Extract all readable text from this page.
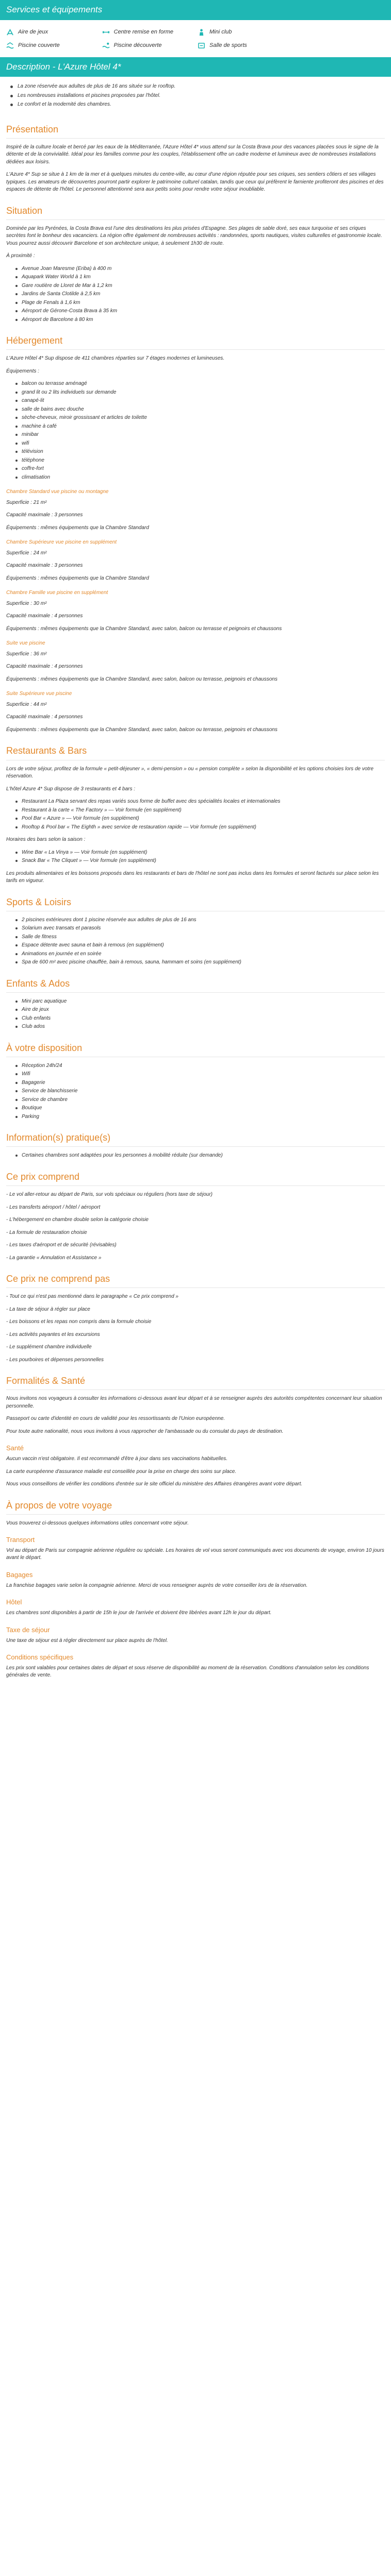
Services et équipements
Aire de jeux	Centre remise en forme	Mini club
Piscine couverte	Piscine découverte	Salle de sports
Description - L'Azure Hôtel 4*
La zone réservée aux adultes de plus de 16 ans située sur le rooftop.
Les nombreuses installations et piscines proposées par l'hôtel.
Le confort et la modernité des chambres.
Présentation

Inspiré de la culture locale et bercé par les eaux de la Méditerranée, l'Azure Hôtel 4* vous attend sur la Costa Brava pour des vacances placées sous le signe de la détente et de la convivialité. Idéal pour les familles comme pour les couples, l'établissement offre un cadre moderne et lumineux avec de nombreuses installations dédiées aux loisirs.

L'Azure 4* Sup se situe à 1 km de la mer et à quelques minutes du centre-ville, au cœur d'une région réputée pour ses criques, ses sentiers côtiers et ses villages typiques. Les amateurs de découvertes pourront partir explorer le patrimoine culturel catalan, tandis que ceux qui préfèrent le farniente profiteront des piscines et des espaces de détente de l'hôtel. Le personnel attentionné sera aux petits soins pour rendre votre séjour inoubliable.

Situation

Dominée par les Pyrénées, la Costa Brava est l'une des destinations les plus prisées d'Espagne. Ses plages de sable doré, ses eaux turquoise et ses criques secrètes font le bonheur des vacanciers. La région offre également de nombreuses activités : randonnées, sports nautiques, visites culturelles et gastronomie locale. Vous pourrez aussi découvrir Barcelone et son architecture unique, à seulement 1h30 de route.

À proximité :

Avenue Joan Maresme (Eriba) à 400 m
Aquapark Water World à 1 km
Gare routière de Lloret de Mar à 1,2 km
Jardins de Santa Clotilde à 2,5 km
Plage de Fenals à 1,6 km
Aéroport de Gérone-Costa Brava à 35 km
Aéroport de Barcelone à 80 km
Hébergement

L'Azure Hôtel 4* Sup dispose de 411 chambres réparties sur 7 étages modernes et lumineuses.

Équipements :

balcon ou terrasse aménagé
grand lit ou 2 lits individuels sur demande
canapé-lit
salle de bains avec douche
sèche-cheveux, miroir grossissant et articles de toilette
machine à café
minibar
wifi
télévision
téléphone
coffre-fort
climatisation
Chambre Standard vue piscine ou montagne
Superficie : 21 m²
Capacité maximale : 3 personnes
Équipements : mêmes équipements que la Chambre Standard
Chambre Supérieure vue piscine en supplément
Superficie : 24 m²
Capacité maximale : 3 personnes
Équipements : mêmes équipements que la Chambre Standard
Chambre Famille vue piscine en supplément
Superficie : 30 m²
Capacité maximale : 4 personnes
Équipements : mêmes équipements que la Chambre Standard, avec salon, balcon ou terrasse et peignoirs et chaussons
Suite vue piscine
Superficie : 36 m²
Capacité maximale : 4 personnes
Équipements : mêmes équipements que la Chambre Standard, avec salon, balcon ou terrasse, peignoirs et chaussons
Suite Supérieure vue piscine
Superficie : 44 m²
Capacité maximale : 4 personnes
Équipements : mêmes équipements que la Chambre Standard, avec salon, balcon ou terrasse, peignoirs et chaussons
Restaurants & Bars

Lors de votre séjour, profitez de la formule « petit-déjeuner », « demi-pension » ou « pension complète » selon la disponibilité et les options choisies lors de votre réservation.

L'hôtel Azure 4* Sup dispose de 3 restaurants et 4 bars :

Restaurant La Plaza servant des repas variés sous forme de buffet avec des spécialités locales et internationales
Restaurant à la carte « The Factory » — Voir formule (en supplément)
Pool Bar « Azure » — Voir formule (en supplément)
Rooftop & Pool bar « The Eighth » avec service de restauration rapide — Voir formule (en supplément)

Horaires des bars selon la saison :

Wine Bar « La Vinya » — Voir formule (en supplément)
Snack Bar « The Cliquet » — Voir formule (en supplément)

Les produits alimentaires et les boissons proposés dans les restaurants et bars de l'hôtel ne sont pas inclus dans les formules et seront facturés sur place selon les tarifs en vigueur.

Sports & Loisirs
2 piscines extérieures dont 1 piscine réservée aux adultes de plus de 16 ans
Solarium avec transats et parasols
Salle de fitness
Espace détente avec sauna et bain à remous (en supplément)
Animations en journée et en soirée
Spa de 600 m² avec piscine chauffée, bain à remous, sauna, hammam et soins (en supplément)
Enfants & Ados
Mini parc aquatique
Aire de jeux
Club enfants
Club ados
À votre disposition
Réception 24h/24
Wifi
Bagagerie
Service de blanchisserie
Service de chambre
Boutique
Parking
Information(s) pratique(s)
Certaines chambres sont adaptées pour les personnes à mobilité réduite (sur demande)
Ce prix comprend
- Le vol aller-retour au départ de Paris, sur vols spéciaux ou réguliers (hors taxe de séjour)
- Les transferts aéroport / hôtel / aéroport
- L'hébergement en chambre double selon la catégorie choisie
- La formule de restauration choisie
- Les taxes d'aéroport et de sécurité (révisables)
- La garantie « Annulation et Assistance »
Ce prix ne comprend pas
- Tout ce qui n'est pas mentionné dans le paragraphe « Ce prix comprend »
- La taxe de séjour à régler sur place
- Les boissons et les repas non compris dans la formule choisie
- Les activités payantes et les excursions
- Le supplément chambre individuelle
- Les pourboires et dépenses personnelles
Formalités & Santé

Nous invitons nos voyageurs à consulter les informations ci-dessous avant leur départ et à se renseigner auprès des autorités compétentes concernant leur situation personnelle.

Passeport ou carte d'identité en cours de validité pour les ressortissants de l'Union européenne.

Pour toute autre nationalité, nous vous invitons à vous rapprocher de l'ambassade ou du consulat du pays de destination.

Santé

Aucun vaccin n'est obligatoire. Il est recommandé d'être à jour dans ses vaccinations habituelles.

La carte européenne d'assurance maladie est conseillée pour la prise en charge des soins sur place.

Nous vous conseillons de vérifier les conditions d'entrée sur le site officiel du ministère des Affaires étrangères avant votre départ.

À propos de votre voyage

Vous trouverez ci-dessous quelques informations utiles concernant votre séjour.

Transport

Vol au départ de Paris sur compagnie aérienne régulière ou spéciale. Les horaires de vol vous seront communiqués avec vos documents de voyage, environ 10 jours avant le départ.

Bagages

La franchise bagages varie selon la compagnie aérienne. Merci de vous renseigner auprès de votre conseiller lors de la réservation.

Hôtel

Les chambres sont disponibles à partir de 15h le jour de l'arrivée et doivent être libérées avant 12h le jour du départ.

Taxe de séjour

Une taxe de séjour est à régler directement sur place auprès de l'hôtel.

Conditions spécifiques

Les prix sont valables pour certaines dates de départ et sous réserve de disponibilité au moment de la réservation. Conditions d'annulation selon les conditions générales de vente.
